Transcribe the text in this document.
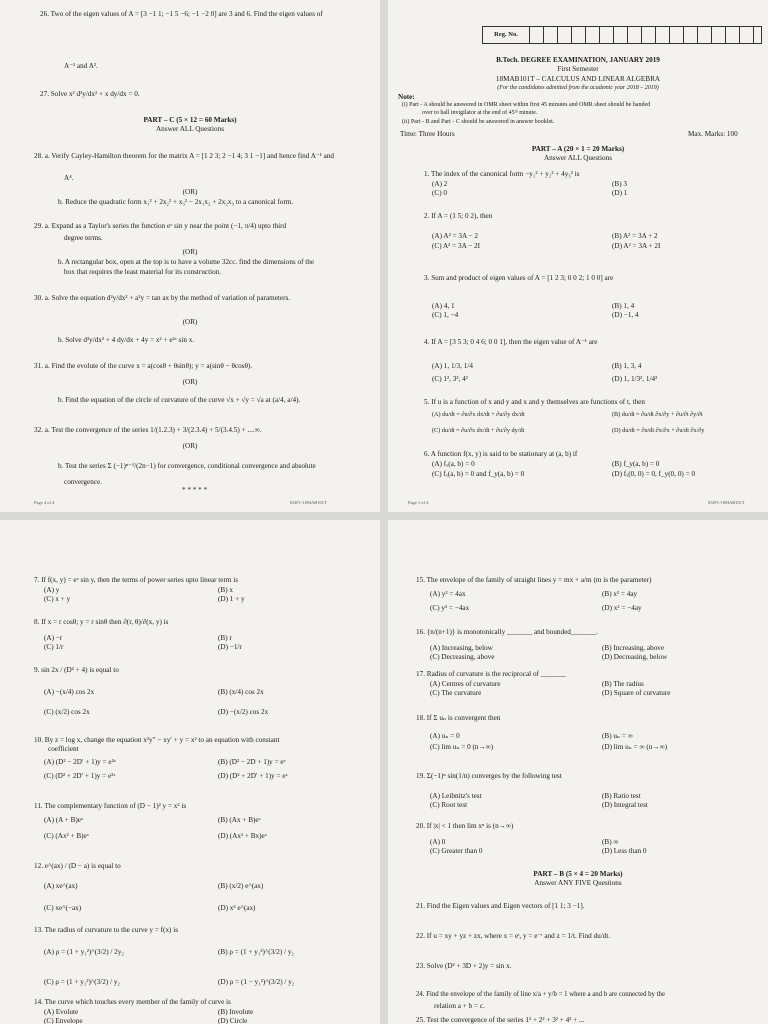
26. Two of the eigen values of A = [3 −1 1; −1 5 −6; −1 −2 0] are 3 and 6. Find the eigen values of
A⁻¹ and A².
27. Solve x² d²y/dx² + x dy/dx = 0.
PART – C (5 × 12 = 60 Marks)
Answer ALL Questions
28. a. Verify Cayley-Hamilton theorem for the matrix A = [1 2 3; 2 −1 4; 3 1 −1] and hence find A⁻¹ and
A⁴.
(OR)
b. Reduce the quadratic form x₁² + 2x₂² + x₃² − 2x₁x₂ + 2x₂x₃ to a canonical form.
29. a. Expand as a Taylor's series the function eˣ sin y near the point (−1, π/4) upto third
degree terms.
(OR)
b. A rectangular box, open at the top is to have a volume 32cc. find the dimensions of the
box that requires the least material for its construction.
30. a. Solve the equation d²y/dx² + a²y = tan ax by the method of variation of parameters.
(OR)
b. Solve d²y/dx² + 4 dy/dx + 4y = x² + e²ˣ sin x.
31. a. Find the evolute of the curve x = a(cosθ + θsinθ); y = a(sinθ − θcosθ).
(OR)
b. Find the equation of the circle of curvature of the curve √x + √y = √a at (a/4, a/4).
32. a. Test the convergence of the series 1/(1.2.3) + 3/(2.3.4) + 5/(3.4.5) + ....∞.
(OR)
b. Test the series Σ (−1)ⁿ⁻¹/(2n−1) for convergence, conditional convergence and absolute
convergence.
* * * * *
Page 4 of 4	03JF1-18MAB101T
Reg. No.
B.Tech. DEGREE EXAMINATION, JANUARY 2019
First Semester
18MAB101T – CALCULUS AND LINEAR ALGEBRA
(For the candidates admitted from the academic year 2018 – 2019)
Note:
(i) Part - A should be answered in OMR sheet within first 45 minutes and OMR sheet should be handed
over to hall invigilator at the end of 45ᵗʰ minute.
(ii) Part - B and Part - C should be answered in answer booklet.
Time: Three Hours	Max. Marks: 100
PART – A (20 × 1 = 20 Marks)
Answer ALL Questions
1. The index of the canonical form −y₁² + y₂² + 4y₃² is
(A) 2	(B) 3
(C) 0	(D) 1
2. If A = (1 5; 0 2), then
(A) A² = 3A − 2	(B) A² = 3A + 2
(C) A² = 3A − 2I	(D) A² = 3A + 2I
3. Sum and product of eigen values of A = [1 2 3; 0 0 2; 1 0 0] are
(A) 4, 1	(B) 1, 4
(C) 1, −4	(D) −1, 4
4. If A = [3 5 3; 0 4 6; 0 0 1], then the eigen value of A⁻¹ are
(A) 1, 1/3, 1/4	(B) 1, 3, 4
(C) 1², 3², 4²	(D) 1, 1/3², 1/4²
5. If u is a function of x and y and x and y themselves are functions of t, then
(A) du/dt = ∂u/∂x dx/dt + ∂u/∂y dx/dt	(B) du/dt = ∂u/dt ∂x/∂y + ∂u/∂t ∂y/∂t
(C) du/dt = ∂u/∂x dx/dt + ∂u/∂y dy/dt	(D) du/dt = ∂u/dt ∂x/∂x + ∂u/dt ∂x/∂y
6. A function f(x, y) is said to be stationary at (a, b) if
(A) fₓ(a, b) = 0	(B) f_y(a, b) = 0
(C) fₓ(a, b) = 0 and f_y(a, b) = 0	(D) fₓ(0, 0) = 0, f_y(0, 0) = 0
Page 1 of 4	03JF1-18MAB101T
7. If f(x, y) = eˣ sin y, then the terms of power series upto linear term is
(A) y	(B) x
(C) x + y	(D) 1 + y
8. If x = r cosθ; y = r sinθ then ∂(r, θ)/∂(x, y) is
(A) −r	(B) r
(C) 1/r	(D) −1/r
9. sin 2x / (D² + 4) is equal to
(A) −(x/4) cos 2x	(B) (x/4) cos 2x
(C) (x/2) cos 2x	(D) −(x/2) cos 2x
10. By z = log x, change the equation x²y″ − xy′ + y = x² to an equation with constant
coefficient
(A) (D² − 2D′ + 1)y = e²ᶻ	(B) (D² − 2D + 1)y = eᶻ
(C) (D² + 2D′ + 1)y = e²ᶻ	(D) (D² + 2D′ + 1)y = eᶻ
11. The complementary function of (D − 1)² y = x² is
(A) (A + B)eˣ	(B) (Ax + B)eˣ
(C) (Ax² + B)eˣ	(D) (Ax² + Bx)eˣ
12. e^(ax) / (D − a) is equal to
(A) xe^(ax)	(B) (x/2) e^(ax)
(C) xe^(−ax)	(D) x² e^(ax)
13. The radius of curvature to the curve y = f(x) is
(A) ρ = (1 + y₁²)^(3/2) / 2y₂	(B) ρ = (1 + y₁²)^(3/2) / y₂
(C) ρ = (1 + y₁²)^(3/2) / y₂	(D) ρ = (1 − y₁²)^(3/2) / y₂
14. The curve which touches every member of the family of curve is
(A) Evolute	(B) Involute
(C) Envelope	(D) Circle
15. The envelope of the family of straight lines y = mx + a/m (m is the parameter)
(A) y² = 4ax	(B) x² = 4ay
(C) y² = −4ax	(D) x² = −4ay
16. {n/(n+1)} is monotonically _______ and bounded_______.
(A) Increasing, below	(B) Increasing, above
(C) Decreasing, above	(D) Decreasing, below
17. Radius of curvature is the reciprocal of _______
(A) Centres of curvature	(B) The radius
(C) The curvature	(D) Square of curvature
18. If Σ uₙ is convergent then
(A) uₙ = 0	(B) uₙ = ∞
(C) lim uₙ = 0 (n→∞)	(D) lim uₙ = ∞ (n→∞)
19. Σ(−1)ⁿ sin(1/n) converges by the following test
(A) Leibnitz's test	(B) Ratio test
(C) Root test	(D) Integral test
20. If |x| < 1 then lim xⁿ is (n→∞)
(A) 0	(B) ∞
(C) Greater than 0	(D) Less than 0
PART – B (5 × 4 = 20 Marks)
Answer ANY FIVE Questions
21. Find the Eigen values and Eigen vectors of [1 1; 3 −1].
22. If u = xy + yz + zx, where x = eᵗ, y = e⁻ᵗ and z = 1/t. Find du/dt.
23. Solve (D² + 3D + 2)y = sin x.
24. Find the envelope of the family of line x/a + y/b = 1 where a and b are connected by the
relation a + b = c.
25. Test the convergence of the series 1² + 2² + 3² + 4² + ...
